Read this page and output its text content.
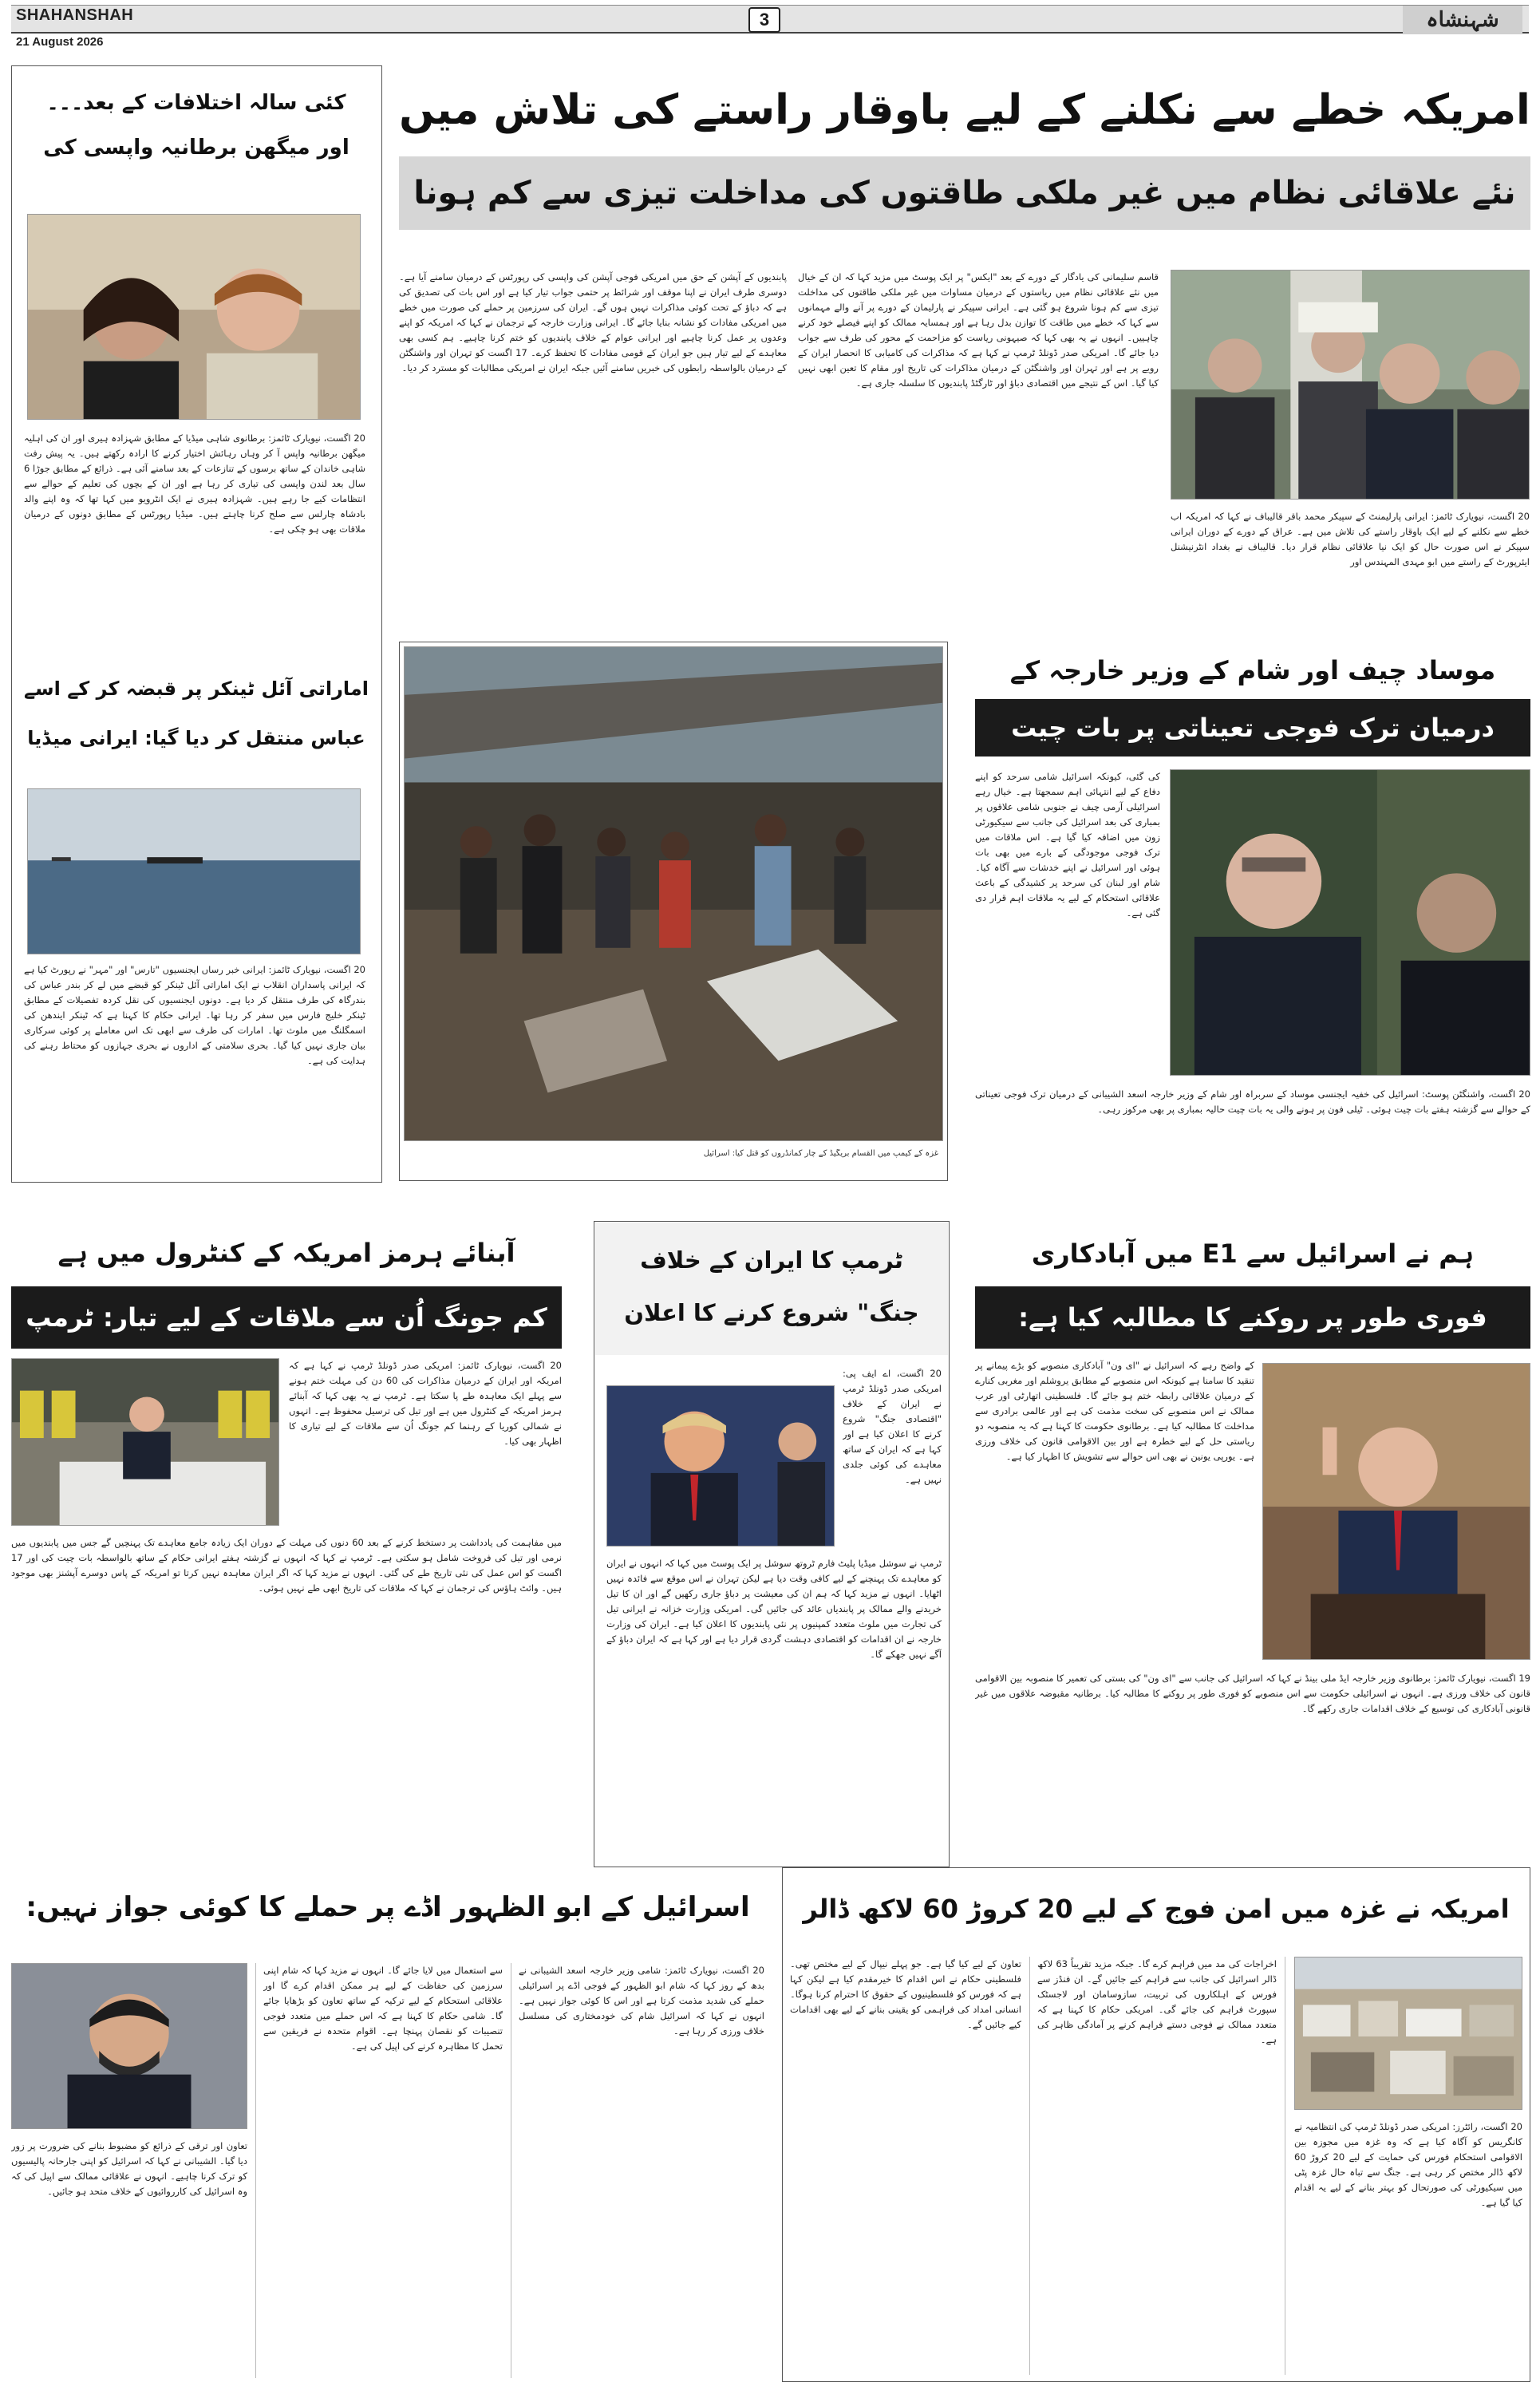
SHAHANSHAH	3	شہنشاہ
21 August 2026
امریکہ خطے سے نکلنے کے لیے باوقار راستے کی تلاش میں
نئے علاقائی نظام میں غیر ملکی طاقتوں کی مداخلت تیزی سے کم ہونا
20 اگست، نیویارک ٹائمز: ایرانی پارلیمنٹ کے سپیکر محمد باقر قالیباف نے کہا کہ امریکہ اب خطے سے نکلنے کے لیے ایک باوقار راستے کی تلاش میں ہے۔ عراق کے دورے کے دوران ایرانی سپیکر نے اس صورت حال کو ایک نیا علاقائی نظام قرار دیا۔ قالیباف نے بغداد انٹرنیشنل ایئرپورٹ کے راستے میں ابو مہدی المہندس اور
قاسم سلیمانی کی یادگار کے دورے کے بعد "ایکس" پر ایک پوسٹ میں مزید کہا کہ ان کے خیال میں نئے علاقائی نظام میں ریاستوں کے درمیان مساوات میں غیر ملکی طاقتوں کی مداخلت تیزی سے کم ہونا شروع ہو گئی ہے۔ ایرانی سپیکر نے پارلیمان کے دورے پر آنے والے مہمانوں سے کہا کہ خطے میں طاقت کا توازن بدل رہا ہے اور ہمسایہ ممالک کو اپنے فیصلے خود کرنے چاہییں۔ انہوں نے یہ بھی کہا کہ صیہونی ریاست کو مزاحمت کے محور کی طرف سے جواب دیا جائے گا۔ امریکی صدر ڈونلڈ ٹرمپ نے کہا ہے کہ مذاکرات کی کامیابی کا انحصار ایران کے رویے پر ہے اور تہران اور واشنگٹن کے درمیان مذاکرات کی تاریخ اور مقام کا تعین ابھی نہیں کیا گیا۔ اس کے نتیجے میں اقتصادی دباؤ اور ٹارگٹڈ پابندیوں کا سلسلہ جاری ہے۔
پابندیوں کے آپشن کے حق میں امریکی فوجی آپشن کی واپسی کی رپورٹس کے درمیان سامنے آیا ہے۔ دوسری طرف ایران نے اپنا موقف اور شرائط پر حتمی جواب تیار کیا ہے اور اس بات کی تصدیق کی ہے کہ دباؤ کے تحت کوئی مذاکرات نہیں ہوں گے۔ ایران کی سرزمین پر حملے کی صورت میں خطے میں امریکی مفادات کو نشانہ بنایا جائے گا۔ ایرانی وزارت خارجہ کے ترجمان نے کہا کہ امریکہ کو اپنے وعدوں پر عمل کرنا چاہیے اور ایرانی عوام کے خلاف پابندیوں کو ختم کرنا چاہیے۔ ہم کسی بھی معاہدے کے لیے تیار ہیں جو ایران کے قومی مفادات کا تحفظ کرے۔ 17 اگست کو تہران اور واشنگٹن کے درمیان بالواسطہ رابطوں کی خبریں سامنے آئیں جبکہ ایران نے امریکی مطالبات کو مسترد کر دیا۔
کئی سالہ اختلافات کے بعد۔۔۔
اور میگھن برطانیہ واپسی کی
20 اگست، نیویارک ٹائمز: برطانوی شاہی میڈیا کے مطابق شہزادہ ہیری اور ان کی اہلیہ میگھن برطانیہ واپس آ کر وہاں رہائش اختیار کرنے کا ارادہ رکھتے ہیں۔ یہ پیش رفت شاہی خاندان کے ساتھ برسوں کے تنازعات کے بعد سامنے آئی ہے۔ ذرائع کے مطابق جوڑا 6 سال بعد لندن واپسی کی تیاری کر رہا ہے اور ان کے بچوں کی تعلیم کے حوالے سے انتظامات کیے جا رہے ہیں۔ شہزادہ ہیری نے ایک انٹرویو میں کہا تھا کہ وہ اپنے والد بادشاہ چارلس سے صلح کرنا چاہتے ہیں۔ میڈیا رپورٹس کے مطابق دونوں کے درمیان ملاقات بھی ہو چکی ہے۔
اماراتی آئل ٹینکر پر قبضہ کر کے اسے
عباس منتقل کر دیا گیا: ایرانی میڈیا
20 اگست، نیویارک ٹائمز: ایرانی خبر رساں ایجنسیوں "تارس" اور "مہر" نے رپورٹ کیا ہے کہ ایرانی پاسداران انقلاب نے ایک اماراتی آئل ٹینکر کو قبضے میں لے کر بندر عباس کی بندرگاہ کی طرف منتقل کر دیا ہے۔ دونوں ایجنسیوں کی نقل کردہ تفصیلات کے مطابق ٹینکر خلیج فارس میں سفر کر رہا تھا۔ ایرانی حکام کا کہنا ہے کہ ٹینکر ایندھن کی اسمگلنگ میں ملوث تھا۔ امارات کی طرف سے ابھی تک اس معاملے پر کوئی سرکاری بیان جاری نہیں کیا گیا۔ بحری سلامتی کے اداروں نے بحری جہازوں کو محتاط رہنے کی ہدایت کی ہے۔
غزہ کے کیمپ میں القسام بریگیڈ کے چار کمانڈروں کو قتل کیا: اسرائیل
موساد چیف اور شام کے وزیر خارجہ کے
درمیان ترک فوجی تعیناتی پر بات چیت
کی گئی، کیونکہ اسرائیل شامی سرحد کو اپنے دفاع کے لیے انتہائی اہم سمجھتا ہے۔ خیال رہے اسرائیلی آرمی چیف نے جنوبی شامی علاقوں پر بمباری کی بعد اسرائیل کی جانب سے سیکیورٹی زون میں اضافہ کیا گیا ہے۔ اس ملاقات میں ترک فوجی موجودگی کے بارے میں بھی بات ہوئی اور اسرائیل نے اپنے خدشات سے آگاہ کیا۔ شام اور لبنان کی سرحد پر کشیدگی کے باعث علاقائی استحکام کے لیے یہ ملاقات اہم قرار دی گئی ہے۔
20 اگست، واشنگٹن پوسٹ: اسرائیل کی خفیہ ایجنسی موساد کے سربراہ اور شام کے وزیر خارجہ اسعد الشیبانی کے درمیان ترک فوجی تعیناتی کے حوالے سے گزشتہ ہفتے بات چیت ہوئی۔ ٹیلی فون پر ہونے والی یہ بات چیت حالیہ بمباری پر بھی مرکوز رہی۔
آبنائے ہرمز امریکہ کے کنٹرول میں ہے
کم جونگ اُن سے ملاقات کے لیے تیار: ٹرمپ
20 اگست، نیویارک ٹائمز: امریکی صدر ڈونلڈ ٹرمپ نے کہا ہے کہ امریکہ اور ایران کے درمیان مذاکرات کی 60 دن کی مہلت ختم ہونے سے پہلے ایک معاہدہ طے پا سکتا ہے۔ ٹرمپ نے یہ بھی کہا کہ آبنائے ہرمز امریکہ کے کنٹرول میں ہے اور تیل کی ترسیل محفوظ ہے۔ انہوں نے شمالی کوریا کے رہنما کم جونگ اُن سے ملاقات کے لیے تیاری کا اظہار بھی کیا۔
میں مفاہمت کی یادداشت پر دستخط کرنے کے بعد 60 دنوں کی مہلت کے دوران ایک زیادہ جامع معاہدے تک پہنچیں گے جس میں پابندیوں میں نرمی اور تیل کی فروخت شامل ہو سکتی ہے۔ ٹرمپ نے کہا کہ انہوں نے گزشتہ ہفتے ایرانی حکام کے ساتھ بالواسطہ بات چیت کی اور 17 اگست کو اس عمل کی نئی تاریخ طے کی گئی۔ انہوں نے مزید کہا کہ اگر ایران معاہدہ نہیں کرتا تو امریکہ کے پاس دوسرے آپشنز بھی موجود ہیں۔ وائٹ ہاؤس کی ترجمان نے کہا کہ ملاقات کی تاریخ ابھی طے نہیں ہوئی۔
ٹرمپ کا ایران کے خلاف
جنگ" شروع کرنے کا اعلان
20 اگست، اے ایف پی: امریکی صدر ڈونلڈ ٹرمپ نے ایران کے خلاف "اقتصادی جنگ" شروع کرنے کا اعلان کیا ہے اور کہا ہے کہ ایران کے ساتھ معاہدے کی کوئی جلدی نہیں ہے۔
ٹرمپ نے سوشل میڈیا پلیٹ فارم ٹروتھ سوشل پر ایک پوسٹ میں کہا کہ انہوں نے ایران کو معاہدے تک پہنچنے کے لیے کافی وقت دیا ہے لیکن تہران نے اس موقع سے فائدہ نہیں اٹھایا۔ انہوں نے مزید کہا کہ ہم ان کی معیشت پر دباؤ جاری رکھیں گے اور ان کا تیل خریدنے والے ممالک پر پابندیاں عائد کی جائیں گی۔ امریکی وزارت خزانہ نے ایرانی تیل کی تجارت میں ملوث متعدد کمپنیوں پر نئی پابندیوں کا اعلان کیا ہے۔ ایران کی وزارت خارجہ نے ان اقدامات کو اقتصادی دہشت گردی قرار دیا ہے اور کہا ہے کہ ایران دباؤ کے آگے نہیں جھکے گا۔
ہم نے اسرائیل سے E1 میں آبادکاری
فوری طور پر روکنے کا مطالبہ کیا ہے:
کے واضح رہے کہ اسرائیل نے "ای ون" آبادکاری منصوبے کو بڑے پیمانے پر تنقید کا سامنا ہے کیونکہ اس منصوبے کے مطابق یروشلم اور مغربی کنارے کے درمیان علاقائی رابطہ ختم ہو جائے گا۔ فلسطینی اتھارٹی اور عرب ممالک نے اس منصوبے کی سخت مذمت کی ہے اور عالمی برادری سے مداخلت کا مطالبہ کیا ہے۔ برطانوی حکومت کا کہنا ہے کہ یہ منصوبہ دو ریاستی حل کے لیے خطرہ ہے اور بین الاقوامی قانون کی خلاف ورزی ہے۔ یورپی یونین نے بھی اس حوالے سے تشویش کا اظہار کیا ہے۔
19 اگست، نیویارک ٹائمز: برطانوی وزیر خارجہ ایڈ ملی بینڈ نے کہا کہ اسرائیل کی جانب سے "ای ون" کی بستی کی تعمیر کا منصوبہ بین الاقوامی قانون کی خلاف ورزی ہے۔ انہوں نے اسرائیلی حکومت سے اس منصوبے کو فوری طور پر روکنے کا مطالبہ کیا۔ برطانیہ مقبوضہ علاقوں میں غیر قانونی آبادکاری کی توسیع کے خلاف اقدامات جاری رکھے گا۔
اسرائیل کے ابو الظہور اڈے پر حملے کا کوئی جواز نہیں:
تعاون اور ترقی کے ذرائع کو مضبوط بنانے کی ضرورت پر زور دیا گیا۔ الشیبانی نے کہا کہ اسرائیل کو اپنی جارحانہ پالیسیوں کو ترک کرنا چاہیے۔ انہوں نے علاقائی ممالک سے اپیل کی کہ وہ اسرائیل کی کارروائیوں کے خلاف متحد ہو جائیں۔
سے استعمال میں لایا جائے گا۔ انہوں نے مزید کہا کہ شام اپنی سرزمین کی حفاظت کے لیے ہر ممکن اقدام کرے گا اور علاقائی استحکام کے لیے ترکیہ کے ساتھ تعاون کو بڑھایا جائے گا۔ شامی حکام کا کہنا ہے کہ اس حملے میں متعدد فوجی تنصیبات کو نقصان پہنچا ہے۔ اقوام متحدہ نے فریقین سے تحمل کا مظاہرہ کرنے کی اپیل کی ہے۔
20 اگست، نیویارک ٹائمز: شامی وزیر خارجہ اسعد الشیبانی نے بدھ کے روز کہا کہ شام ابو الظہور کے فوجی اڈے پر اسرائیلی حملے کی شدید مذمت کرتا ہے اور اس کا کوئی جواز نہیں ہے۔ انہوں نے کہا کہ اسرائیل شام کی خودمختاری کی مسلسل خلاف ورزی کر رہا ہے۔
امریکہ نے غزہ میں امن فوج کے لیے 20 کروڑ 60 لاکھ ڈالر
20 اگست، رائٹرز: امریکی صدر ڈونلڈ ٹرمپ کی انتظامیہ نے کانگریس کو آگاہ کیا ہے کہ وہ غزہ میں مجوزہ بین الاقوامی استحکام فورس کی حمایت کے لیے 20 کروڑ 60 لاکھ ڈالر مختص کر رہی ہے۔ جنگ سے تباہ حال غزہ پٹی میں سیکیورٹی کی صورتحال کو بہتر بنانے کے لیے یہ اقدام کیا گیا ہے۔
اخراجات کی مد میں فراہم کرے گا۔ جبکہ مزید تقریباً 63 لاکھ ڈالر اسرائیل کی جانب سے فراہم کیے جائیں گے۔ ان فنڈز سے فورس کے اہلکاروں کی تربیت، سازوسامان اور لاجسٹک سپورٹ فراہم کی جائے گی۔ امریکی حکام کا کہنا ہے کہ متعدد ممالک نے فوجی دستے فراہم کرنے پر آمادگی ظاہر کی ہے۔
تعاون کے لیے کیا گیا ہے۔ جو پہلے نیپال کے لیے مختص تھی۔ فلسطینی حکام نے اس اقدام کا خیرمقدم کیا ہے لیکن کہا ہے کہ فورس کو فلسطینیوں کے حقوق کا احترام کرنا ہوگا۔ انسانی امداد کی فراہمی کو یقینی بنانے کے لیے بھی اقدامات کیے جائیں گے۔
